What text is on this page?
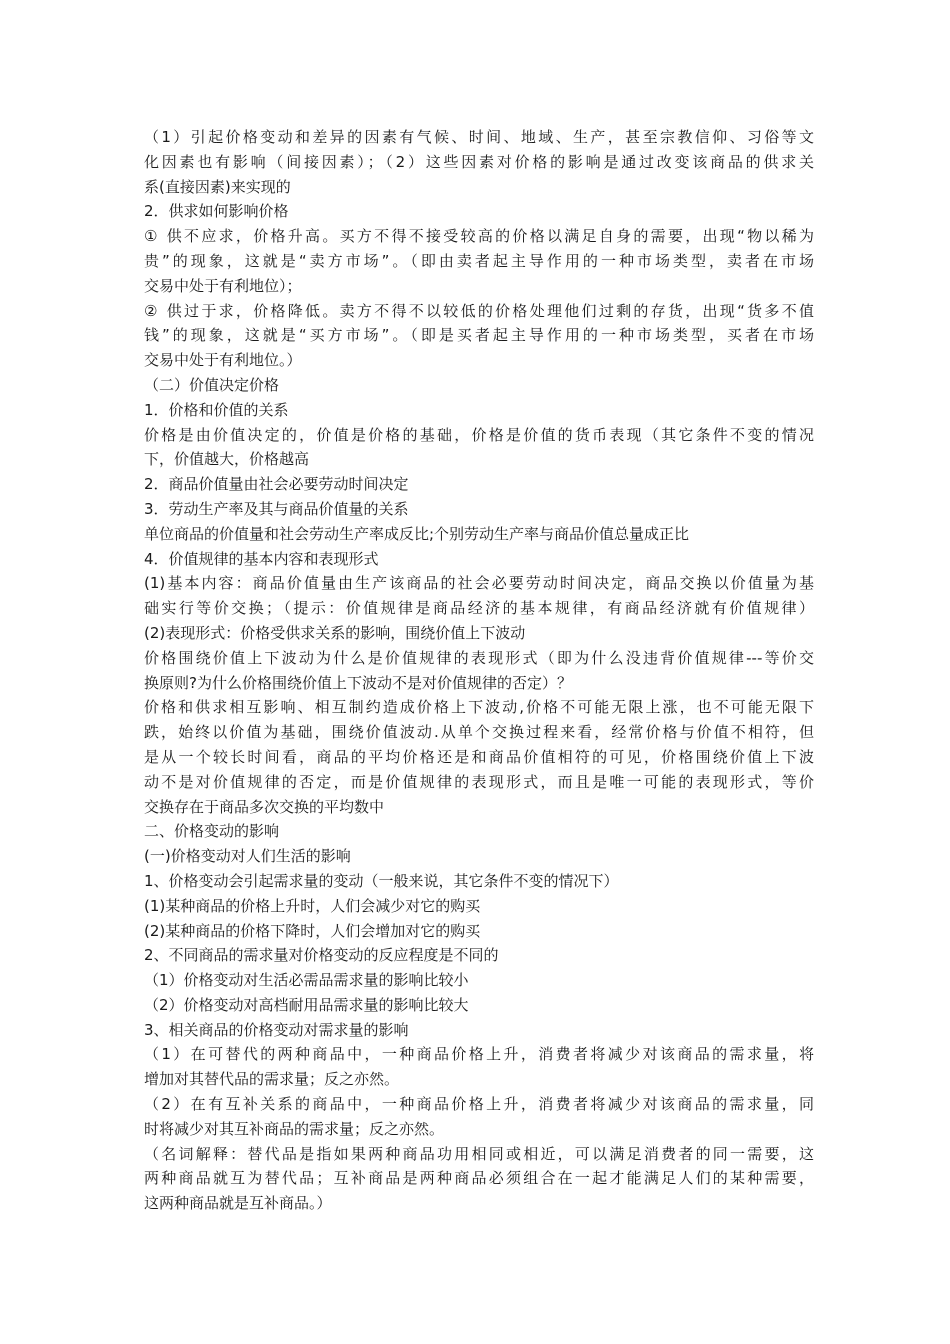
（1）引起价格变动和差异的因素有气候、时间、地域、生产，甚至宗教信仰、习俗等文
化因素也有影响（间接因素）；（2）这些因素对价格的影响是通过改变该商品的供求关
系(直接因素)来实现的
2．供求如何影响价格
① 供不应求，价格升高。买方不得不接受较高的价格以满足自身的需要，出现“物以稀为
贵”的现象，这就是“卖方市场”。（即由卖者起主导作用的一种市场类型，卖者在市场
交易中处于有利地位）；
② 供过于求，价格降低。卖方不得不以较低的价格处理他们过剩的存货，出现“货多不值
钱”的现象，这就是“买方市场”。（即是买者起主导作用的一种市场类型，买者在市场
交易中处于有利地位。）
（二）价值决定价格
1．价格和价值的关系
价格是由价值决定的，价值是价格的基础，价格是价值的货币表现（其它条件不变的情况
下，价值越大，价格越高
2．商品价值量由社会必要劳动时间决定
3．劳动生产率及其与商品价值量的关系
单位商品的价值量和社会劳动生产率成反比;个别劳动生产率与商品价值总量成正比
4．价值规律的基本内容和表现形式
(1)基本内容：商品价值量由生产该商品的社会必要劳动时间决定，商品交换以价值量为基
础实行等价交换；（提示：价值规律是商品经济的基本规律，有商品经济就有价值规律）
(2)表现形式：价格受供求关系的影响，围绕价值上下波动
价格围绕价值上下波动为什么是价值规律的表现形式（即为什么没违背价值规律---等价交
换原则?为什么价格围绕价值上下波动不是对价值规律的否定）？
价格和供求相互影响、相互制约造成价格上下波动,价格不可能无限上涨，也不可能无限下
跌，始终以价值为基础，围绕价值波动.从单个交换过程来看，经常价格与价值不相符，但
是从一个较长时间看，商品的平均价格还是和商品价值相符的可见，价格围绕价值上下波
动不是对价值规律的否定，而是价值规律的表现形式，而且是唯一可能的表现形式，等价
交换存在于商品多次交换的平均数中
二、价格变动的影响
(一)价格变动对人们生活的影响
1、价格变动会引起需求量的变动（一般来说，其它条件不变的情况下）
(1)某种商品的价格上升时，人们会减少对它的购买
(2)某种商品的价格下降时，人们会增加对它的购买
2、不同商品的需求量对价格变动的反应程度是不同的
（1）价格变动对生活必需品需求量的影响比较小
（2）价格变动对高档耐用品需求量的影响比较大
3、相关商品的价格变动对需求量的影响
（1）在可替代的两种商品中，一种商品价格上升，消费者将减少对该商品的需求量，将
增加对其替代品的需求量；反之亦然。
（2）在有互补关系的商品中，一种商品价格上升，消费者将减少对该商品的需求量，同
时将减少对其互补商品的需求量；反之亦然。
（名词解释：替代品是指如果两种商品功用相同或相近，可以满足消费者的同一需要，这
两种商品就互为替代品；互补商品是两种商品必须组合在一起才能满足人们的某种需要，
这两种商品就是互补商品。）
